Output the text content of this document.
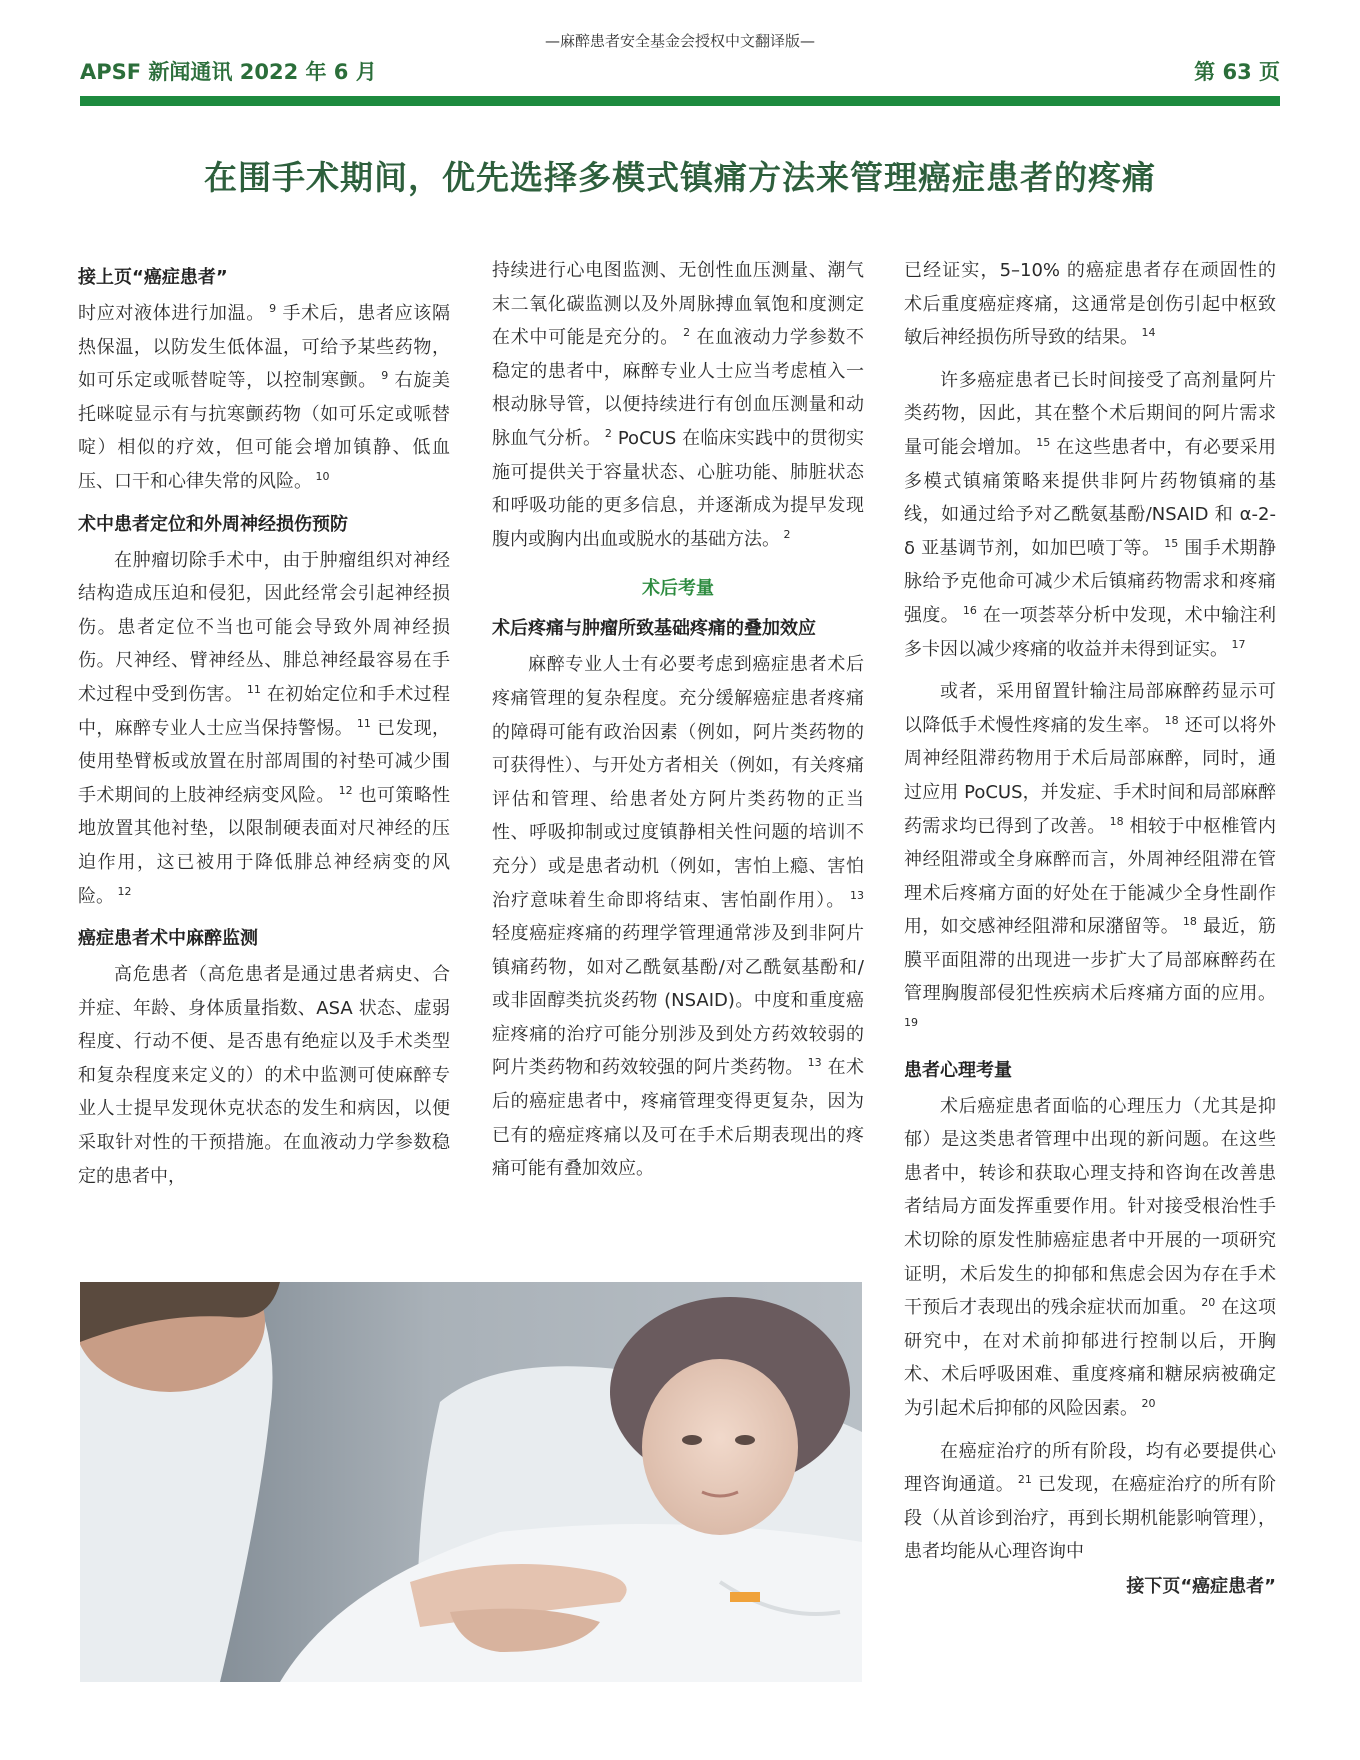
—麻醉患者安全基金会授权中文翻译版—
APSF 新闻通讯 2022 年 6 月	第 63 页
在围手术期间，优先选择多模式镇痛方法来管理癌症患者的疼痛
接上页“癌症患者”

时应对液体进行加温。 $^9$ 手术后，患者应该隔热保温，以防发生低体温，可给予某些药物，如可乐定或哌替啶等，以控制寒颤。 $^9$ 右旋美托咪啶显示有与抗寒颤药物（如可乐定或哌替啶）相似的疗效，但可能会增加镇静、低血压、口干和心律失常的风险。 $^{10}$

术中患者定位和外周神经损伤预防

在肿瘤切除手术中，由于肿瘤组织对神经结构造成压迫和侵犯，因此经常会引起神经损伤。患者定位不当也可能会导致外周神经损伤。尺神经、臂神经丛、腓总神经最容易在手术过程中受到伤害。 $^{11}$ 在初始定位和手术过程中，麻醉专业人士应当保持警惕。 $^{11}$ 已发现，使用垫臂板或放置在肘部周围的衬垫可减少围手术期间的上肢神经病变风险。 $^{12}$ 也可策略性地放置其他衬垫，以限制硬表面对尺神经的压迫作用，这已被用于降低腓总神经病变的风险。 $^{12}$

癌症患者术中麻醉监测

高危患者（高危患者是通过患者病史、合并症、年龄、身体质量指数、ASA 状态、虚弱程度、行动不便、是否患有绝症以及手术类型和复杂程度来定义的）的术中监测可使麻醉专业人士提早发现休克状态的发生和病因，以便采取针对性的干预措施。在血液动力学参数稳定的患者中，

持续进行心电图监测、无创性血压测量、潮气末二氧化碳监测以及外周脉搏血氧饱和度测定在术中可能是充分的。 $^2$ 在血液动力学参数不稳定的患者中，麻醉专业人士应当考虑植入一根动脉导管，以便持续进行有创血压测量和动脉血气分析。 $^2$ PoCUS 在临床实践中的贯彻实施可提供关于容量状态、心脏功能、肺脏状态和呼吸功能的更多信息，并逐渐成为提早发现腹内或胸内出血或脱水的基础方法。 $^2$

术后考量
术后疼痛与肿瘤所致基础疼痛的叠加效应

麻醉专业人士有必要考虑到癌症患者术后疼痛管理的复杂程度。充分缓解癌症患者疼痛的障碍可能有政治因素（例如，阿片类药物的可获得性）、与开处方者相关（例如，有关疼痛评估和管理、给患者处方阿片类药物的正当性、呼吸抑制或过度镇静相关性问题的培训不充分）或是患者动机（例如，害怕上瘾、害怕治疗意味着生命即将结束、害怕副作用）。 $^{13}$ 轻度癌症疼痛的药理学管理通常涉及到非阿片镇痛药物，如对乙酰氨基酚/对乙酰氨基酚和/或非固醇类抗炎药物 (NSAID)。中度和重度癌症疼痛的治疗可能分别涉及到处方药效较弱的阿片类药物和药效较强的阿片类药物。 $^{13}$ 在术后的癌症患者中，疼痛管理变得更复杂，因为已有的癌症疼痛以及可在手术后期表现出的疼痛可能有叠加效应。

已经证实，5–10% 的癌症患者存在顽固性的术后重度癌症疼痛，这通常是创伤引起中枢致敏后神经损伤所导致的结果。 $^{14}$

许多癌症患者已长时间接受了高剂量阿片类药物，因此，其在整个术后期间的阿片需求量可能会增加。 $^{15}$ 在这些患者中，有必要采用多模式镇痛策略来提供非阿片药物镇痛的基线，如通过给予对乙酰氨基酚/NSAID 和 α-2-δ 亚基调节剂，如加巴喷丁等。 $^{15}$ 围手术期静脉给予克他命可减少术后镇痛药物需求和疼痛强度。 $^{16}$ 在一项荟萃分析中发现，术中输注利多卡因以减少疼痛的收益并未得到证实。 $^{17}$

或者，采用留置针输注局部麻醉药显示可以降低手术慢性疼痛的发生率。 $^{18}$ 还可以将外周神经阻滞药物用于术后局部麻醉，同时，通过应用 PoCUS，并发症、手术时间和局部麻醉药需求均已得到了改善。 $^{18}$ 相较于中枢椎管内神经阻滞或全身麻醉而言，外周神经阻滞在管理术后疼痛方面的好处在于能减少全身性副作用，如交感神经阻滞和尿潴留等。 $^{18}$ 最近，筋膜平面阻滞的出现进一步扩大了局部麻醉药在管理胸腹部侵犯性疾病术后疼痛方面的应用。 $^{19}$

患者心理考量

术后癌症患者面临的心理压力（尤其是抑郁）是这类患者管理中出现的新问题。在这些患者中，转诊和获取心理支持和咨询在改善患者结局方面发挥重要作用。针对接受根治性手术切除的原发性肺癌症患者中开展的一项研究证明，术后发生的抑郁和焦虑会因为存在手术干预后才表现出的残余症状而加重。 $^{20}$ 在这项研究中，在对术前抑郁进行控制以后，开胸术、术后呼吸困难、重度疼痛和糖尿病被确定为引起术后抑郁的风险因素。 $^{20}$

在癌症治疗的所有阶段，均有必要提供心理咨询通道。 $^{21}$ 已发现，在癌症治疗的所有阶段（从首诊到治疗，再到长期机能影响管理），患者均能从心理咨询中

接下页“癌症患者”
